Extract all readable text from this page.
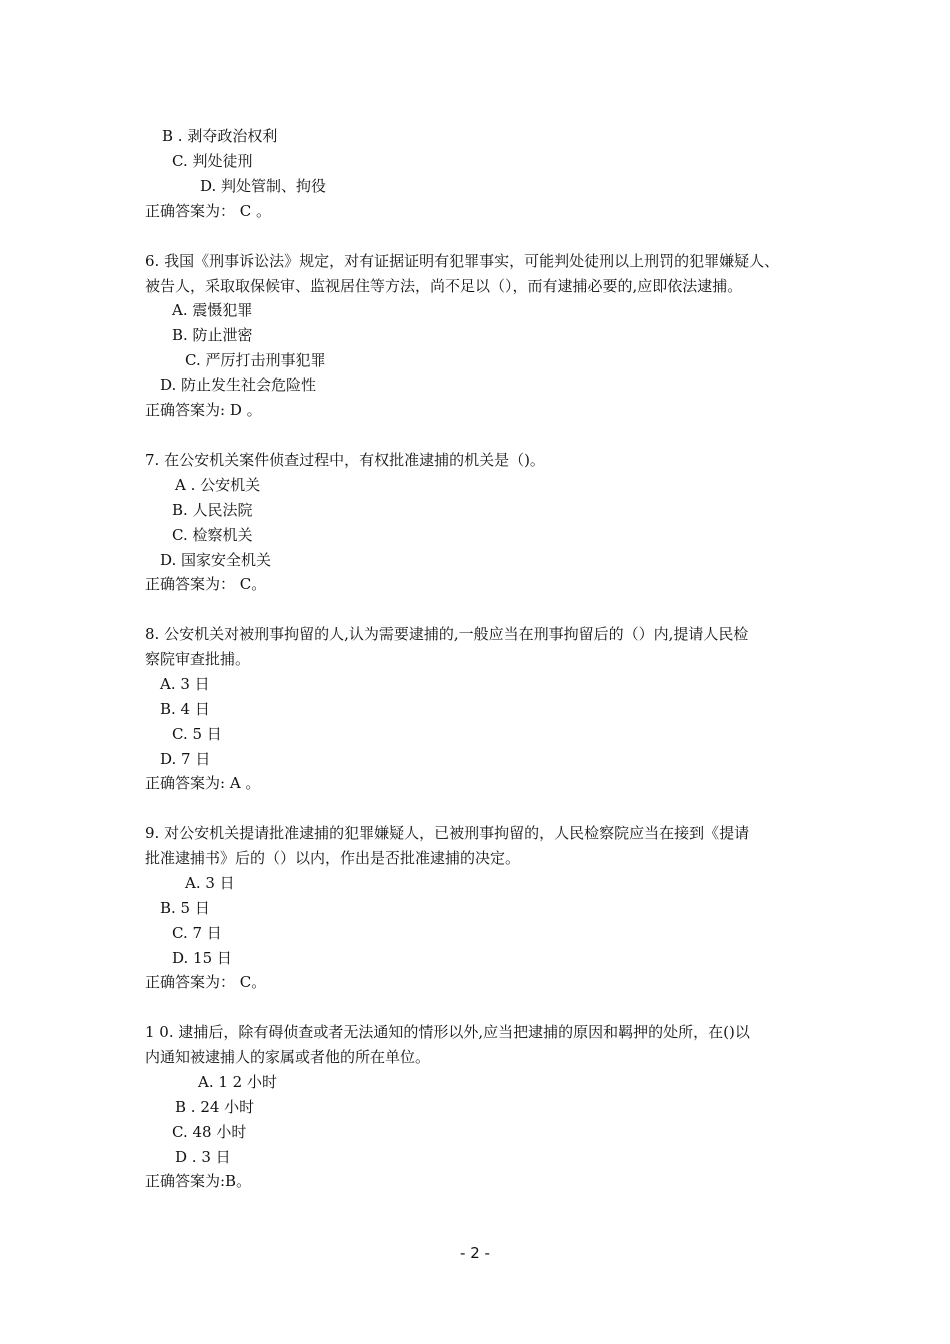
B . 剥夺政治权利
C. 判处徒刑
D. 判处管制、拘役
正确答案为： C 。
6. 我国《刑事诉讼法》规定，对有证据证明有犯罪事实，可能判处徒刑以上刑罚的犯罪嫌疑人、
被告人，采取取保候审、监视居住等方法，尚不足以（），而有逮捕必要的,应即依法逮捕。
A. 震慑犯罪
B. 防止泄密
C. 严厉打击刑事犯罪
D. 防止发生社会危险性
正确答案为: D 。
7. 在公安机关案件侦查过程中，有权批准逮捕的机关是（)。
A . 公安机关
B. 人民法院
C. 检察机关
D. 国家安全机关
正确答案为： C。
8. 公安机关对被刑事拘留的人,认为需要逮捕的,一般应当在刑事拘留后的（）内,提请人民检
察院审查批捕。
A. 3 日
B. 4 日
C. 5 日
D. 7 日
正确答案为: A 。
9. 对公安机关提请批准逮捕的犯罪嫌疑人，已被刑事拘留的，人民检察院应当在接到《提请
批准逮捕书》后的（）以内，作出是否批准逮捕的决定。
A. 3 日
B. 5 日
C. 7 日
D. 15 日
正确答案为： C。
1 0. 逮捕后，除有碍侦查或者无法通知的情形以外,应当把逮捕的原因和羁押的处所，在()以
内通知被逮捕人的家属或者他的所在单位。
A. 1 2 小时
B . 24 小时
C. 48 小时
D . 3 日
正确答案为:B。
- 2 -
